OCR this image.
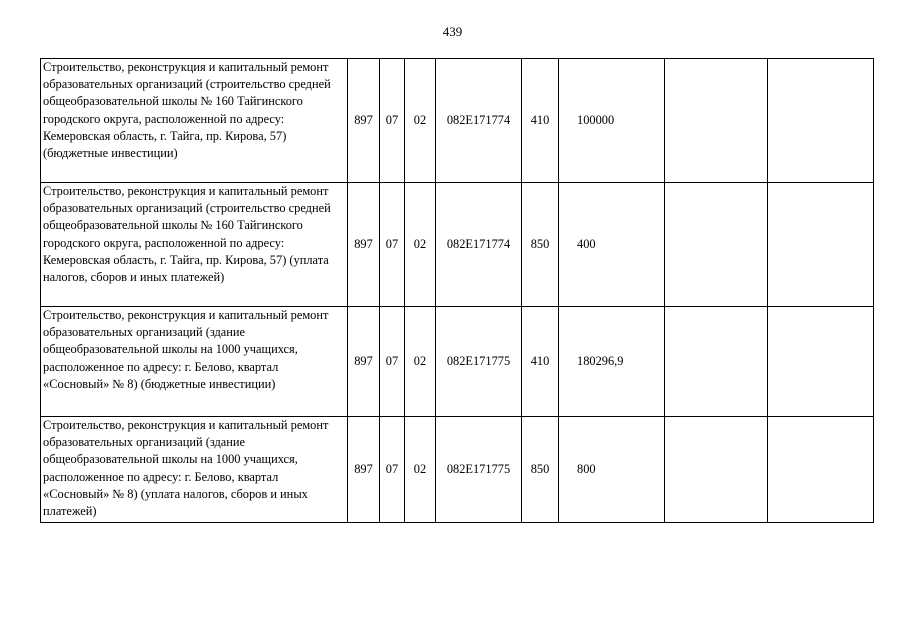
439
Строительство, реконструкция и капитальный ремонт образовательных организаций (строительство средней общеобразовательной школы № 160 Тайгинского городского округа, расположенной по адресу: Кемеровская область, г. Тайга, пр. Кирова, 57) (бюджетные инвестиции)	897	07	02	082Е171774	410	100000		
Строительство, реконструкция и капитальный ремонт образовательных организаций (строительство средней общеобразовательной школы № 160 Тайгинского городского округа, расположенной по адресу: Кемеровская область, г. Тайга, пр. Кирова, 57) (уплата налогов, сборов и иных платежей)	897	07	02	082Е171774	850	400		
Строительство, реконструкция и капитальный ремонт образовательных организаций (здание общеобразовательной школы на 1000 учащихся, расположенное по адресу: г. Белово, квартал «Сосновый» № 8) (бюджетные инвестиции)	897	07	02	082Е171775	410	180296,9		
Строительство, реконструкция и капитальный ремонт образовательных организаций (здание общеобразовательной школы на 1000 учащихся, расположенное по адресу: г. Белово, квартал «Сосновый» № 8) (уплата налогов, сборов и иных платежей)	897	07	02	082Е171775	850	800		
